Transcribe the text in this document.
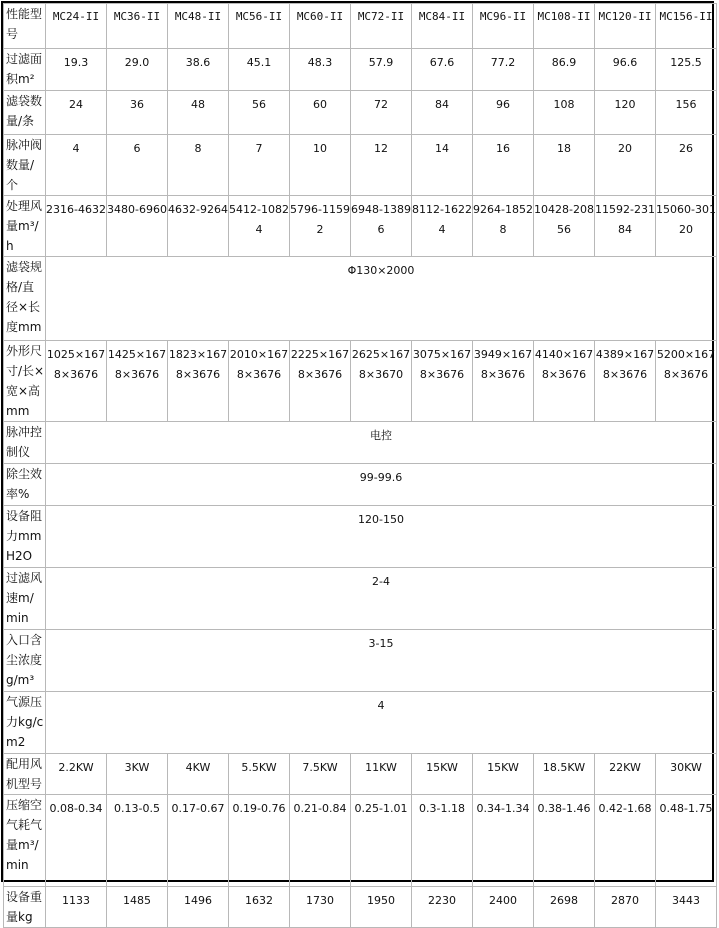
性能型号	MC24-II	MC36-II	MC48-II	MC56-II	MC60-II	MC72-II	MC84-II	MC96-II	MC108-II	MC120-II	MC156-II
过滤面积m²	19.3	29.0	38.6	45.1	48.3	57.9	67.6	77.2	86.9	96.6	125.5
滤袋数量/条	24	36	48	56	60	72	84	96	108	120	156
脉冲阀数量/个	4	6	8	7	10	12	14	16	18	20	26
处理风量m³/h	2316-4632	3480-6960	4632-9264	5412-10824	5796-11592	6948-13896	8112-16224	9264-18528	10428-20856	11592-23184	15060-30120
滤袋规格/直径×长度mm	Φ130×2000										
外形尺寸/长×宽×高mm	1025×1678×3676	1425×1678×3676	1823×1678×3676	2010×1678×3676	2225×1678×3676	2625×1678×3670	3075×1678×3676	3949×1678×3676	4140×1678×3676	4389×1678×3676	5200×1678×3676
脉冲控制仪	电控										
除尘效率%	99-99.6										
设备阻力mmH2O	120-150										
过滤风速m/min	2-4										
入口含尘浓度g/m³	3-15										
气源压力kg/cm2	4										
配用风机型号	2.2KW	3KW	4KW	5.5KW	7.5KW	11KW	15KW	15KW	18.5KW	22KW	30KW
压缩空气耗气量m³/min	0.08-0.34	0.13-0.5	0.17-0.67	0.19-0.76	0.21-0.84	0.25-1.01	0.3-1.18	0.34-1.34	0.38-1.46	0.42-1.68	0.48-1.75
设备重量kg	1133	1485	1496	1632	1730	1950	2230	2400	2698	2870	3443
